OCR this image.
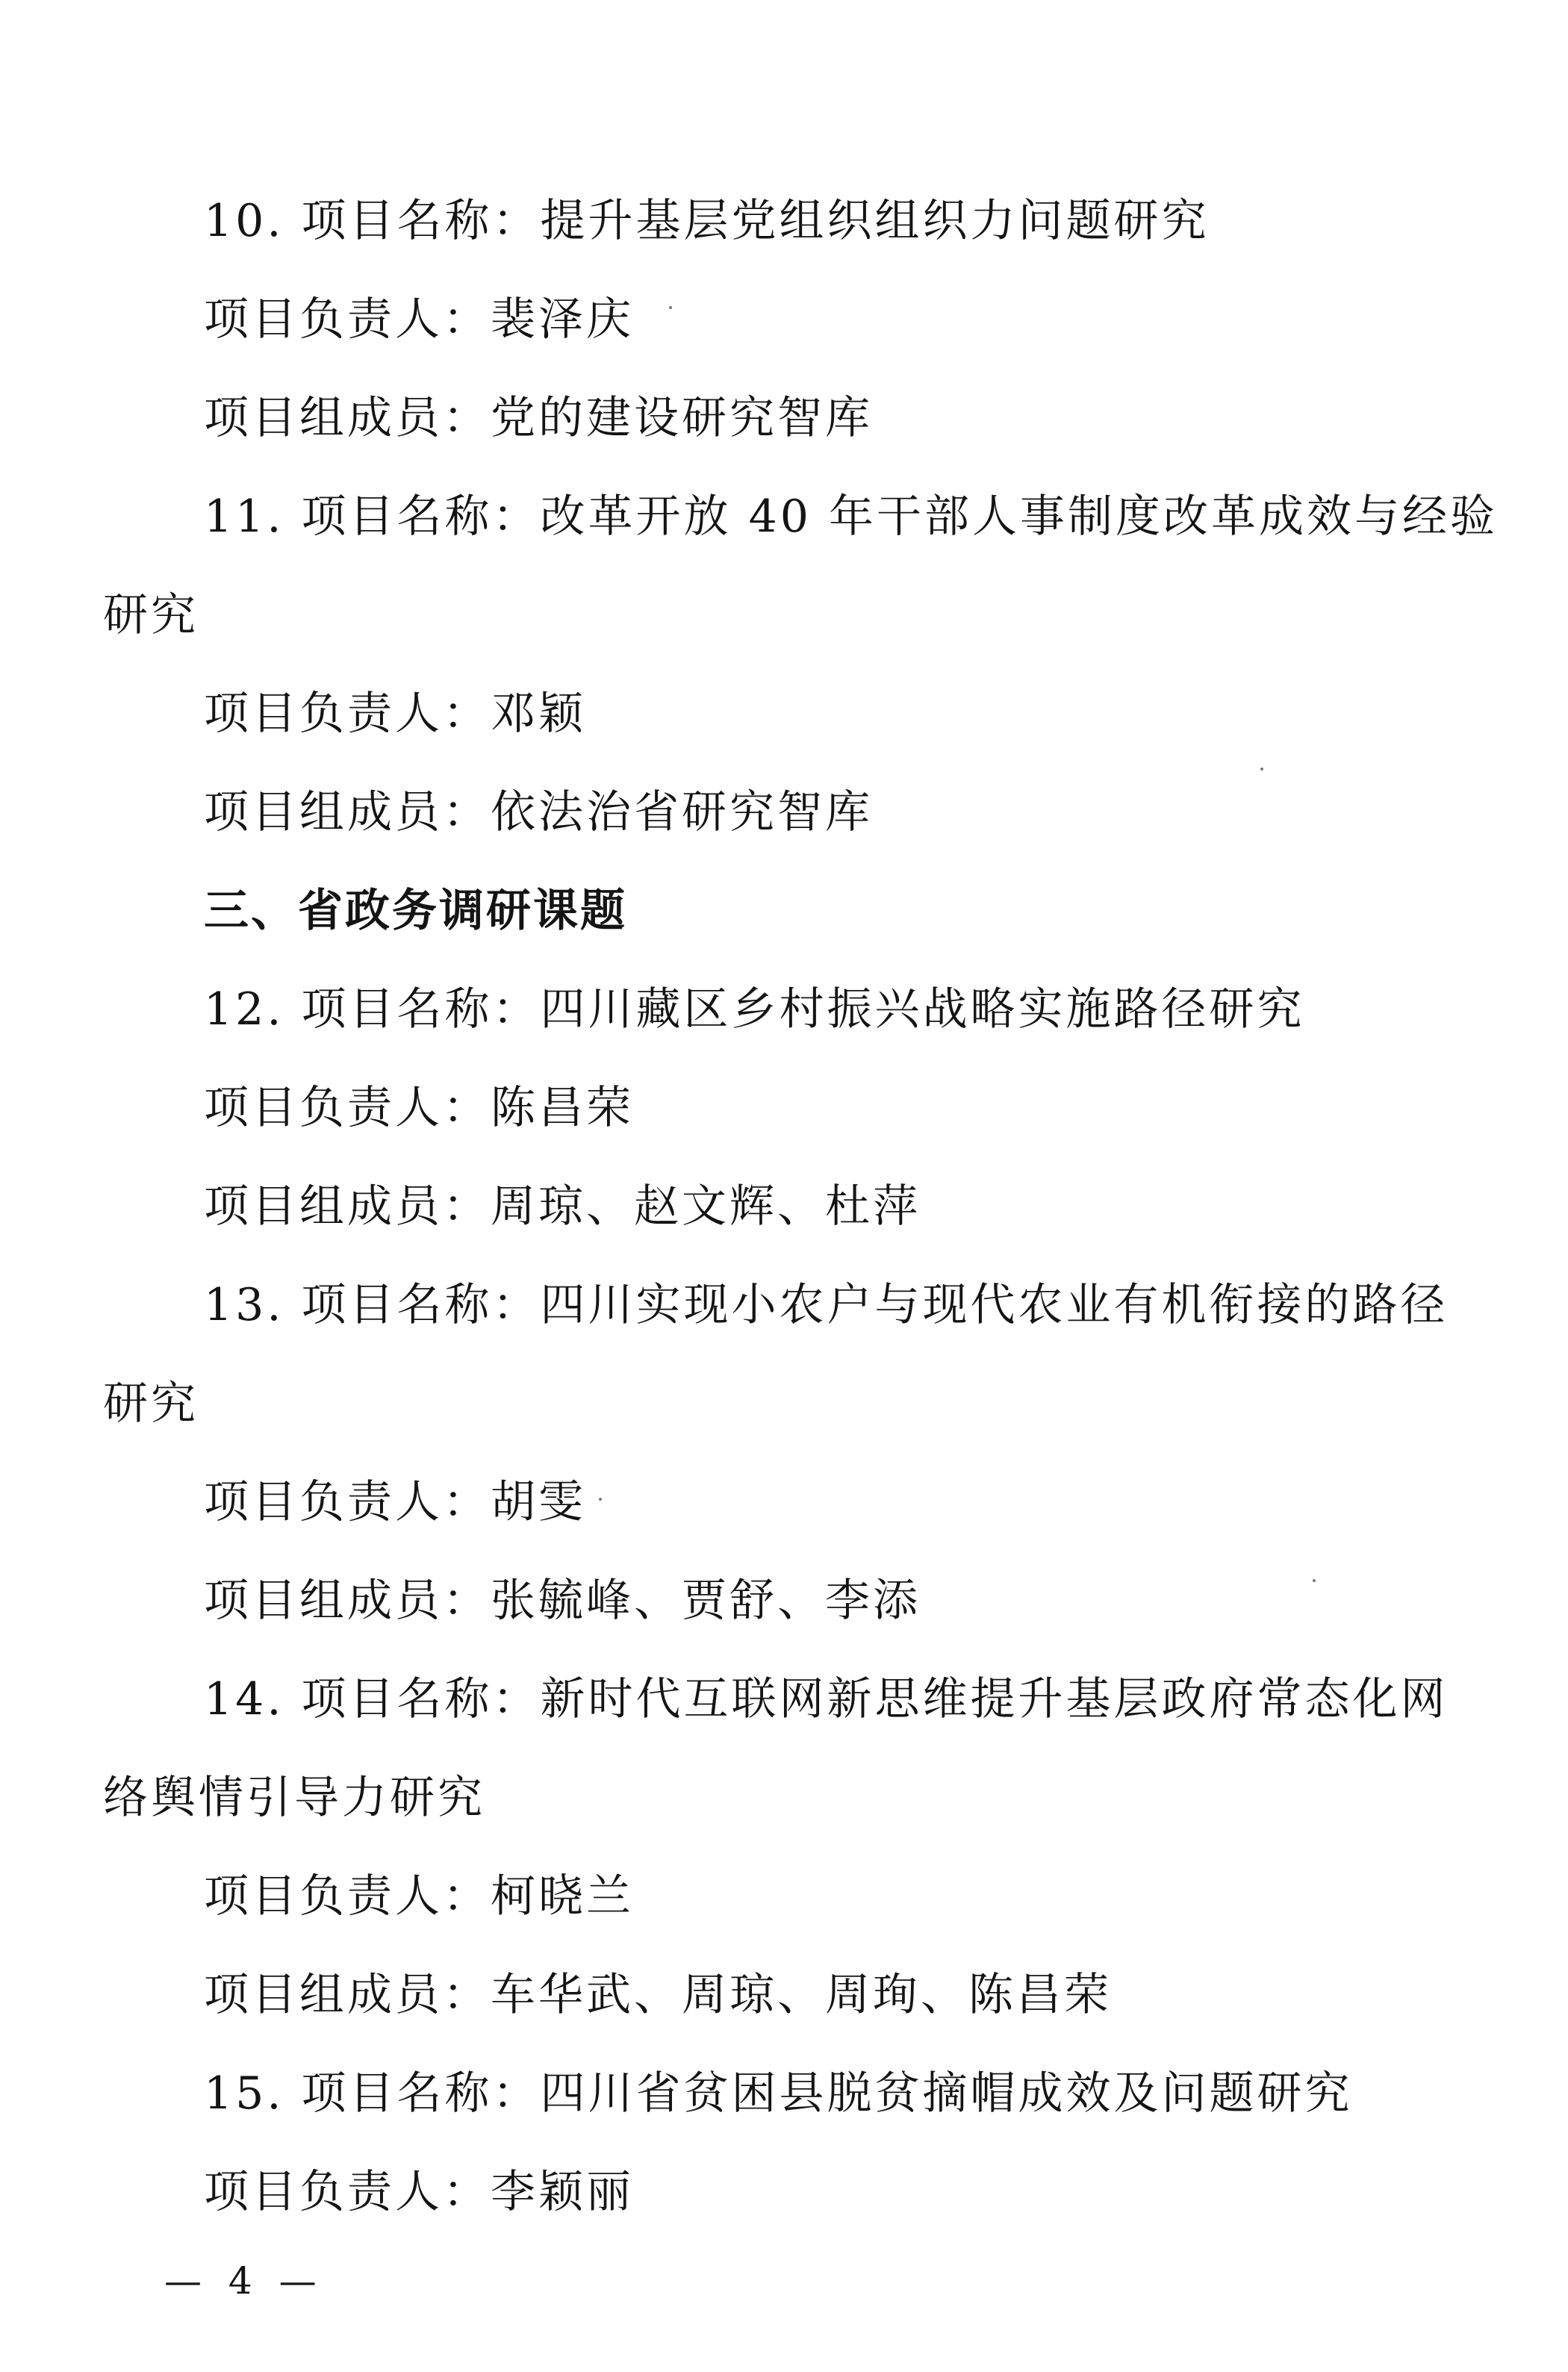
10. 项目名称：提升基层党组织组织力问题研究
项目负责人：裴泽庆
项目组成员：党的建设研究智库
11. 项目名称：改革开放 40 年干部人事制度改革成效与经验
研究
项目负责人：邓颖
项目组成员：依法治省研究智库
三、省政务调研课题
12. 项目名称：四川藏区乡村振兴战略实施路径研究
项目负责人：陈昌荣
项目组成员：周琼、赵文辉、杜萍
13. 项目名称：四川实现小农户与现代农业有机衔接的路径
研究
项目负责人：胡雯
项目组成员：张毓峰、贾舒、李添
14. 项目名称：新时代互联网新思维提升基层政府常态化网
络舆情引导力研究
项目负责人：柯晓兰
项目组成员：车华武、周琼、周珣、陈昌荣
15. 项目名称：四川省贫困县脱贫摘帽成效及问题研究
项目负责人：李颖丽
— 4 —
